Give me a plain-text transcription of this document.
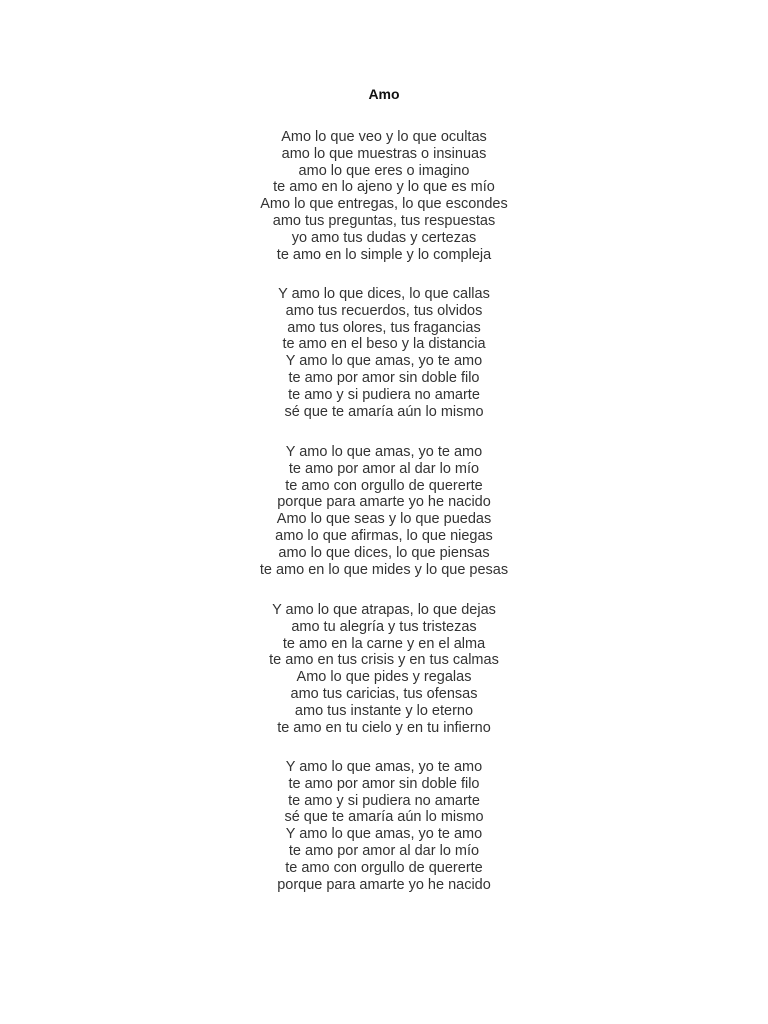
Amo
Amo lo que veo y lo que ocultas
amo lo que muestras o insinuas
amo lo que eres o imagino
te amo en lo ajeno y lo que es mío
Amo lo que entregas, lo que escondes
amo tus preguntas, tus respuestas
yo amo tus dudas y certezas
te amo en lo simple y lo compleja
Y amo lo que dices, lo que callas
amo tus recuerdos, tus olvidos
amo tus olores, tus fragancias
te amo en el beso y la distancia
Y amo lo que amas, yo te amo
te amo por amor sin doble filo
te amo y si pudiera no amarte
sé que te amaría aún lo mismo
Y amo lo que amas, yo te amo
te amo por amor al dar lo mío
te amo con orgullo de quererte
porque para amarte yo he nacido
Amo lo que seas y lo que puedas
amo lo que afirmas, lo que niegas
amo lo que dices, lo que piensas
te amo en lo que mides y lo que pesas
Y amo lo que atrapas, lo que dejas
amo tu alegría y tus tristezas
te amo en la carne y en el alma
te amo en tus crisis y en tus calmas
Amo lo que pides y regalas
amo tus caricias, tus ofensas
amo tus instante y lo eterno
te amo en tu cielo y en tu infierno
Y amo lo que amas, yo te amo
te amo por amor sin doble filo
te amo y si pudiera no amarte
sé que te amaría aún lo mismo
Y amo lo que amas, yo te amo
te amo por amor al dar lo mío
te amo con orgullo de quererte
porque para amarte yo he nacido
